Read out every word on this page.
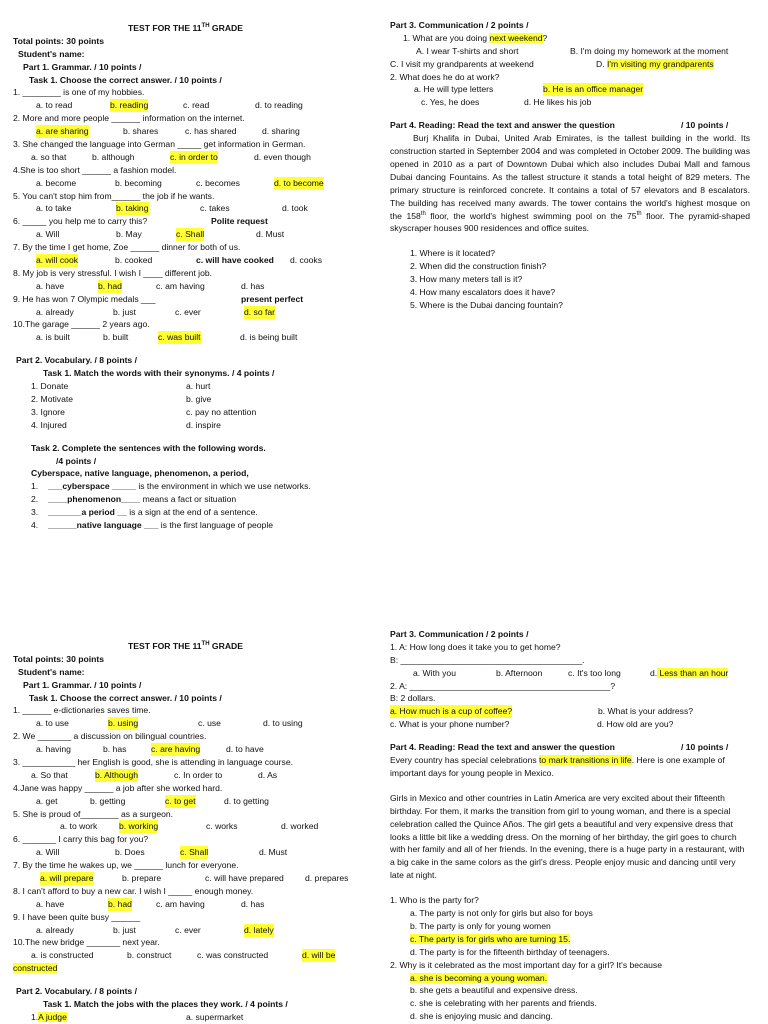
TEST FOR THE 11TH GRADE
Total points: 30 points
Student's name:
Part 1. Grammar. / 10 points /
Task 1. Choose the correct answer. / 10 points /
1. ________ is one of my hobbies.
a. to read	b. reading	c. read	d. to reading
2. More and more people ______ information on the internet.
a. are sharing	b. shares	c. has shared	d. sharing
3. She changed the language into German _____ get information in German.
a. so that	b. although	c. in order to	d. even though
4.She is too short ______ a fashion model.
a. become	b. becoming	c. becomes	d. to become
5. You can't stop him from______ the job if he wants.
a. to take	b. taking	c. takes	d. took
6. _____ you help me to carry this?	Polite request
a. Will	b. May	c. Shall	d. Must
7. By the time I get home, Zoe ______ dinner for both of us.
a. will cook	b. cooked	c. will have cooked d. cooks
8. My job is very stressful. I wish I ____ different job.
a. have	b. had	c. am having	d. has
9. He has won 7 Olympic medals ___	present perfect
a. already	b. just	c. ever	d. so far
10.The garage ______ 2 years ago.
a. is built	b. built	c. was built	d. is being built
Part 2. Vocabulary. / 8 points /
Task 1. Match the words with their synonyms. / 4 points /
1. Donate	a. hurt
2. Motivate	b. give
3. Ignore	c. pay no attention
4. Injured	d. inspire
Task 2. Complete the sentences with the following words.
/4 points /
Cyberspace, native language, phenomenon, a period,
1. ___cyberspace _____ is the environment in which we use networks.
2. ____phenomenon____ means a fact or situation
3. _______a period __ is a sign at the end of a sentence.
4. ______native language ___ is the first language of people
Part 3. Communication / 2 points /
1. What are you doing next weekend?
A. I wear T-shirts and short	B. I'm doing my homework at the moment
C. I visit my grandparents at weekend	D. I'm visiting my grandparents
2. What does he do at work?
a. He will type letters	b. He is an office manager
c. Yes, he does	d. He likes his job
Part 4. Reading: Read the text and answer the question	/ 10 points /
Burj Khalifa in Dubai, United Arab Emirates, is the tallest building in the world. Its construction started in September 2004 and was completed in October 2009. The building was opened in 2010 as a part of Downtown Dubai which also includes Dubai Mall and famous Dubai dancing Fountains. As the tallest structure it stands a total height of 829 meters. The primary structure is reinforced concrete. It contains a total of 57 elevators and 8 escalators. The building has received many awards. The tower contains the world's highest mosque on the 158th floor, the world's highest swimming pool on the 75th floor. The pyramid-shaped skyscraper houses 900 residences and office suites.
1. Where is it located?
2. When did the construction finish?
3. How many meters tall is it?
4. How many escalators does it have?
5. Where is the Dubai dancing fountain?
TEST FOR THE 11TH GRADE
Total points: 30 points
Student's name:
Part 1. Grammar. / 10 points /
Task 1. Choose the correct answer. / 10 points /
1. ______ e-dictionaries saves time.
a. to use	b. using	c. use	d. to using
2. We _______ a discussion on bilingual countries.
a. having	b. has	c. are having	d. to have
3. ___________ her English is good, she is attending in language course.
a. So that	b. Although	c. In order to	d. As
4.Jane was happy ______ a job after she worked hard.
a. get	b. getting	c. to get	d. to getting
5. She is proud of________ as a surgeon.
a. to work	b. working	c. works	d. worked
6. _______ I carry this bag for you?
a. Will	b. Does	c. Shall	d. Must
7. By the time he wakes up, we ______ lunch for everyone.
a. will prepare	b. prepare	c. will have prepared d. prepares
8. I can't afford to buy a new car. I wish I _____ enough money.
a. have	b. had	c. am having	d. has
9. I have been quite busy ______
a. already	b. just	c. ever	d. lately
10.The new bridge _______ next year.
a. is constructed	b. construct	c. was constructed	d. will be
constructed
Part 2. Vocabulary. / 8 points /
Task 1. Match the jobs with the places they work. / 4 points /
1.A judge	a. supermarket
Part 3. Communication / 2 points /
1. A: How long does it take you to get home?
B: ______________________________________.
a. With you	b. Afternoon	c. It's too long	d. Less than an hour
2. A: __________________________________________?
B: 2 dollars.
a. How much is a cup of coffee?	b. What is your address?
c. What is your phone number?	d. How old are you?
Part 4. Reading: Read the text and answer the question	/ 10 points /
Every country has special celebrations to mark transitions in life. Here is one example of important days for young people in Mexico.
Girls in Mexico and other countries in Latin America are very excited about their fifteenth birthday. For them, it marks the transition from girl to young woman, and there is a special celebration called the Quince Años. The girl gets a beautiful and very expensive dress that looks a little bit like a wedding dress. On the morning of her birthday, the girl goes to church with her family and all of her friends. In the evening, there is a huge party in a restaurant, with a big cake in the same colors as the girl's dress. People enjoy music and dancing until very late at night.
1. Who is the party for?
a. The party is not only for girls but also for boys
b. The party is only for young women
c. The party is for girls who are turning 15.
d. The party is for the fifteenth birthday of teenagers.
2. Why is it celebrated as the most important day for a girl? It's because
a. she is becoming a young woman.
b. she gets a beautiful and expensive dress.
c. she is celebrating with her parents and friends.
d. she is enjoying music and dancing.
